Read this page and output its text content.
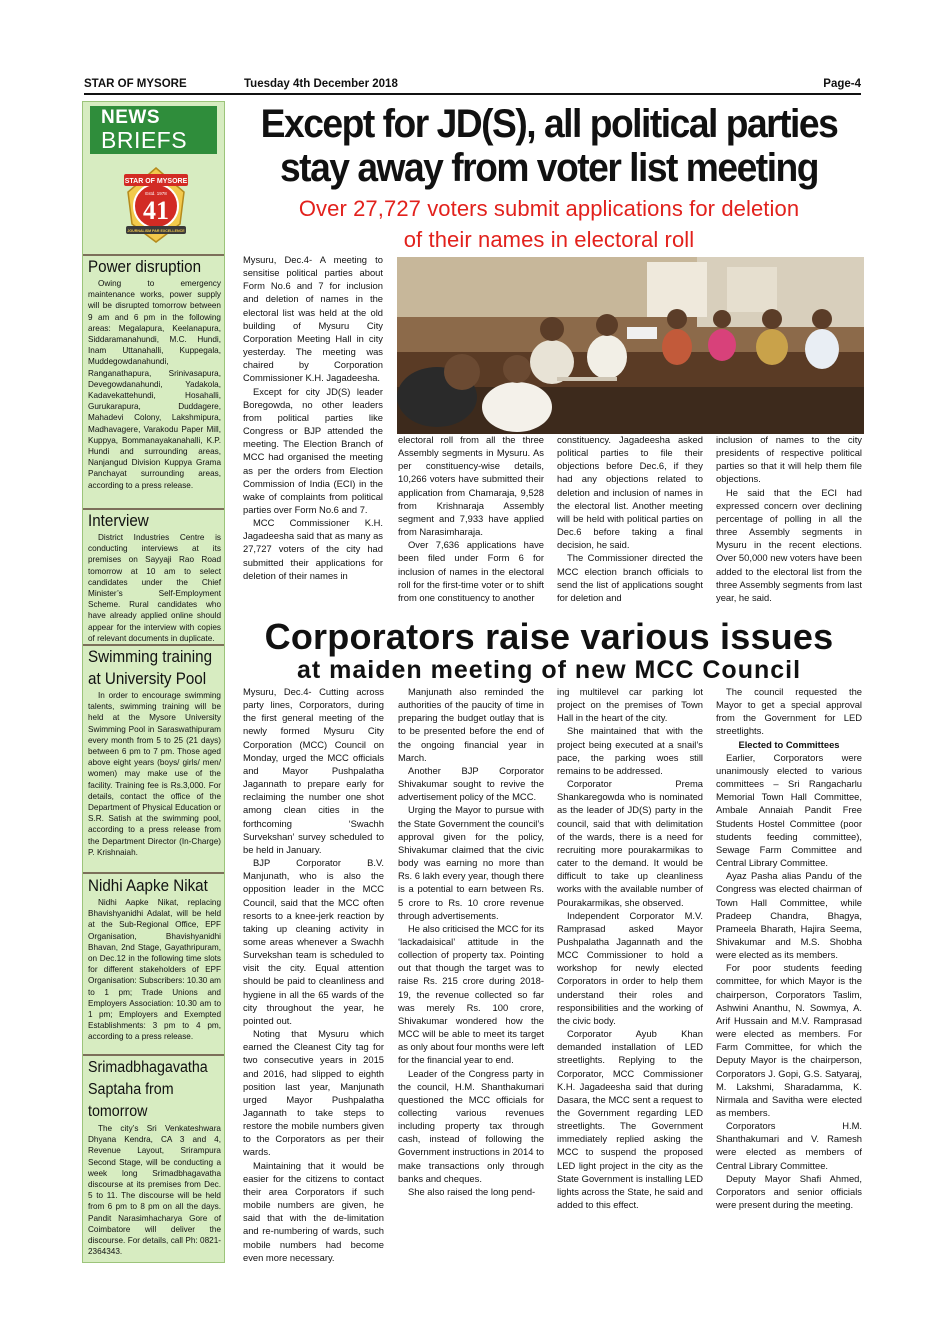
STAR OF MYSORE	Tuesday 4th December 2018	Page-4
NEWS
BRIEFS
STAR OF MYSORE
Estd. 1978
41
JOURNALISM PAR EXCELLENCE
Power disruption
Owing to emergency maintenance works, power supply will be disrupted tomorrow between 9 am and 6 pm in the following areas: Megalapura, Keelanapura, Siddaramanahundi, M.C. Hundi, Inam Uttanahalli, Kuppegala, Muddegowdanahundi, Ranganathapura, Srinivasapura, Devegowdanahundi, Yadakola, Kadavekattehundi, Hosahalli, Gurukarapura, Duddagere, Mahadevi Colony, Lakshmipura, Madhavagere, Varakodu Paper Mill, Kuppya, Bommanayakanahalli, K.P. Hundi and surrounding areas, Nanjangud Division Kuppya Grama Panchayat surrounding areas, according to a press release.
Interview
District Industries Centre is conducting interviews at its premises on Sayyaji Rao Road tomorrow at 10 am to select candidates under the Chief Minister’s Self-Employment Scheme. Rural candidates who have already applied online should appear for the interview with copies of relevant documents in duplicate.
Swimming training at University Pool
In order to encourage swimming talents, swimming training will be held at the Mysore University Swimming Pool in Saraswathipuram every month from 5 to 25 (21 days) between 6 pm to 7 pm. Those aged above eight years (boys/ girls/ men/ women) may make use of the facility. Training fee is Rs.3,000. For details, contact the office of the Department of Physical Education or S.R. Satish at the swimming pool, according to a press release from the Department Director (In-Charge) P. Krishnaiah.
Nidhi Aapke Nikat
Nidhi Aapke Nikat, replacing Bhavishyanidhi Adalat, will be held at the Sub-Regional Office, EPF Organisation, Bhavishyanidhi Bhavan, 2nd Stage, Gayathripuram, on Dec.12 in the following time slots for different stakeholders of EPF Organisation: Subscribers: 10.30 am to 1 pm; Trade Unions and Employers Association: 10.30 am to 1 pm; Employers and Exempted Establishments: 3 pm to 4 pm, according to a press release.
Srimadbhagavatha Saptaha from tomorrow
The city’s Sri Venkateshwara Dhyana Kendra, CA 3 and 4, Revenue Layout, Srirampura Second Stage, will be conducting a week long Srimadbhagavatha discourse at its premises from Dec. 5 to 11. The discourse will be held from 6 pm to 8 pm on all the days. Pandit Narasimhacharya Gore of Coimbatore will deliver the discourse. For details, call Ph: 0821-2364343.
Except for JD(S), all political parties
stay away from voter list meeting
Over 27,727 voters submit applications for deletion
of their names in electoral roll

Mysuru, Dec.4- A meeting to sensitise political parties about Form No.6 and 7 for inclusion and deletion of names in the electoral list was held at the old building of Mysuru City Corporation Meeting Hall in city yesterday. The meeting was chaired by Corporation Commissioner K.H. Jagadeesha.

Except for city JD(S) leader Boregowda, no other leaders from political parties like Congress or BJP attended the meeting. The Election Branch of MCC had organised the meeting as per the orders from Election Commission of India (ECI) in the wake of complaints from political parties over Form No.6 and 7.

MCC Commissioner K.H. Jagadeesha said that as many as 27,727 voters of the city had submitted their applications for deletion of their names in

electoral roll from all the three Assembly segments in Mysuru. As per constituency-wise details, 10,266 voters have submitted their application from Chamaraja, 9,528 from Krishnaraja Assembly segment and 7,933 have applied from Narasimharaja.

Over 7,636 applications have been filed under Form 6 for inclusion of names in the electoral roll for the first-time voter or to shift from one constituency to another

constituency. Jagadeesha asked political parties to file their objections before Dec.6, if they had any objections related to deletion and inclusion of names in the electoral list. Another meeting will be held with political parties on Dec.6 before taking a final decision, he said.

The Commissioner directed the MCC election branch officials to send the list of applications sought for deletion and

inclusion of names to the city presidents of respective political parties so that it will help them file objections.

He said that the ECI had expressed concern over declining percentage of polling in all the three Assembly segments in Mysuru in the recent elections. Over 50,000 new voters have been added to the electoral list from the three Assembly segments from last year, he said.

Corporators raise various issues
at maiden meeting of new MCC Council

Mysuru, Dec.4- Cutting across party lines, Corporators, during the first general meeting of the newly formed Mysuru City Corporation (MCC) Council on Monday, urged the MCC officials and Mayor Pushpalatha Jagannath to prepare early for reclaiming the number one shot among clean cities in the forthcoming ‘Swachh Survekshan’ survey scheduled to be held in January.

BJP Corporator B.V. Manjunath, who is also the opposition leader in the MCC Council, said that the MCC often resorts to a knee-jerk reaction by taking up cleaning activity in some areas whenever a Swachh Survekshan team is scheduled to visit the city. Equal attention should be paid to cleanliness and hygiene in all the 65 wards of the city throughout the year, he pointed out.

Noting that Mysuru which earned the Cleanest City tag for two consecutive years in 2015 and 2016, had slipped to eighth position last year, Manjunath urged Mayor Pushpalatha Jagannath to take steps to restore the mobile numbers given to the Corporators as per their wards.

Maintaining that it would be easier for the citizens to contact their area Corporators if such mobile numbers are given, he said that with the de-limitation and re-numbering of wards, such mobile numbers had become even more necessary.

Manjunath also reminded the authorities of the paucity of time in preparing the budget outlay that is to be presented before the end of the ongoing financial year in March.

Another BJP Corporator Shivakumar sought to revive the advertisement policy of the MCC.

Urging the Mayor to pursue with the State Government the council’s approval given for the policy, Shivakumar claimed that the civic body was earning no more than Rs. 6 lakh every year, though there is a potential to earn between Rs. 5 crore to Rs. 10 crore revenue through advertisements.

He also criticised the MCC for its ‘lackadaisical’ attitude in the collection of property tax. Pointing out that though the target was to raise Rs. 215 crore during 2018-19, the revenue collected so far was merely Rs. 100 crore, Shivakumar wondered how the MCC will be able to meet its target as only about four months were left for the financial year to end.

Leader of the Congress party in the council, H.M. Shanthakumari questioned the MCC officials for collecting various revenues including property tax through cash, instead of following the Government instructions in 2014 to make transactions only through banks and cheques.

She also raised the long pend-

ing multilevel car parking lot project on the premises of Town Hall in the heart of the city.

She maintained that with the project being executed at a snail’s pace, the parking woes still remains to be addressed.

Corporator Prema Shankaregowda who is nominated as the leader of JD(S) party in the council, said that with delimitation of the wards, there is a need for recruiting more pourakarmikas to cater to the demand. It would be difficult to take up cleanliness works with the available number of Pourakarmikas, she observed.

Independent Corporator M.V. Ramprasad asked Mayor Pushpalatha Jagannath and the MCC Commissioner to hold a workshop for newly elected Corporators in order to help them understand their roles and responsibilities and the working of the civic body.

Corporator Ayub Khan demanded installation of LED streetlights. Replying to the Corporator, MCC Commissioner K.H. Jagadeesha said that during Dasara, the MCC sent a request to the Government regarding LED streetlights. The Government immediately replied asking the MCC to suspend the proposed LED light project in the city as the State Government is installing LED lights across the State, he said and added to this effect.

The council requested the Mayor to get a special approval from the Government for LED streetlights.

Elected to Committees

Earlier, Corporators were unanimously elected to various committees – Sri Rangacharlu Memorial Town Hall Committee, Ambale Annaiah Pandit Free Students Hostel Committee (poor students feeding committee), Sewage Farm Committee and Central Library Committee.

Ayaz Pasha alias Pandu of the Congress was elected chairman of Town Hall Committee, while Pradeep Chandra, Bhagya, Prameela Bharath, Hajira Seema, Shivakumar and M.S. Shobha were elected as its members.

For poor students feeding committee, for which Mayor is the chairperson, Corporators Taslim, Ashwini Ananthu, N. Sowmya, A. Arif Hussain and M.V. Ramprasad were elected as members. For Farm Committee, for which the Deputy Mayor is the chairperson, Corporators J. Gopi, G.S. Satyaraj, M. Lakshmi, Sharadamma, K. Nirmala and Savitha were elected as members.

Corporators H.M. Shanthakumari and V. Ramesh were elected as members of Central Library Committee.

Deputy Mayor Shafi Ahmed, Corporators and senior officials were present during the meeting.
